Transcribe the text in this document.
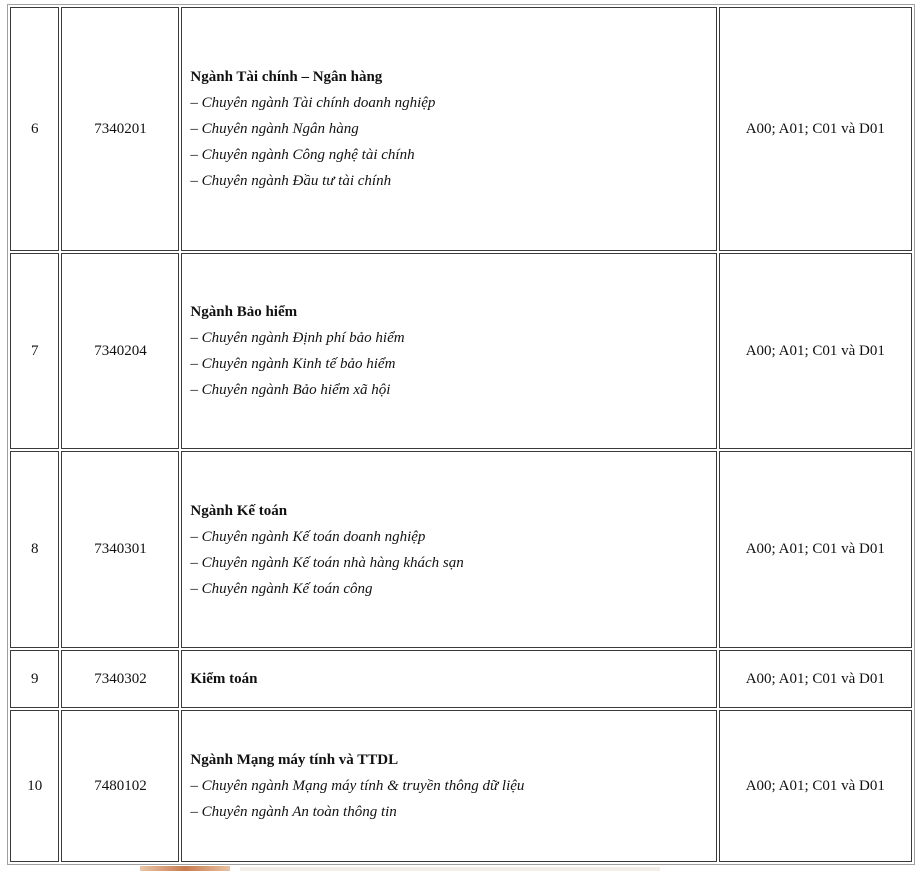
6	7340201	Ngành Tài chính – Ngân hàng
– Chuyên ngành Tài chính doanh nghiệp
– Chuyên ngành Ngân hàng
– Chuyên ngành Công nghệ tài chính
– Chuyên ngành Đầu tư tài chính	A00; A01; C01 và D01
7	7340204	Ngành Bảo hiểm
– Chuyên ngành Định phí bảo hiểm
– Chuyên ngành Kinh tế bảo hiểm
– Chuyên ngành Bảo hiểm xã hội	A00; A01; C01 và D01
8	7340301	Ngành Kế toán
– Chuyên ngành Kế toán doanh nghiệp
– Chuyên ngành Kế toán nhà hàng khách sạn
– Chuyên ngành Kế toán công	A00; A01; C01 và D01
9	7340302	Kiểm toán	A00; A01; C01 và D01
10	7480102	Ngành Mạng máy tính và TTDL
– Chuyên ngành Mạng máy tính & truyền thông dữ liệu
– Chuyên ngành An toàn thông tin	A00; A01; C01 và D01
